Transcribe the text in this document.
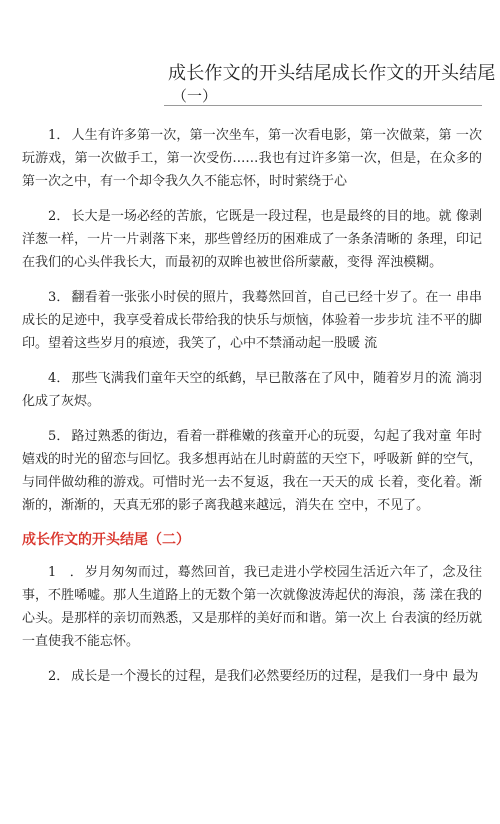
成长作文的开头结尾成长作文的开头结尾
（一）

1． 人生有许多第一次，第一次坐车，第一次看电影，第一次做菜，第 一次玩游戏，第一次做手工，第一次受伤……我也有过许多第一次，但是，在众多的第一次之中，有一个却令我久久不能忘怀，时时萦绕于心

2． 长大是一场必经的苦旅，它既是一段过程，也是最终的目的地。就 像剥洋葱一样，一片一片剥落下来，那些曾经历的困难成了一条条清晰的 条理，印记在我们的心头伴我长大，而最初的双眸也被世俗所蒙蔽，变得 浑浊模糊。

3． 翻看着一张张小时侯的照片，我蓦然回首，自己已经十岁了。在一 串串成长的足迹中，我享受着成长带给我的快乐与烦恼，体验着一步步坑 洼不平的脚印。望着这些岁月的痕迹，我笑了，心中不禁涌动起一股暖 流

4． 那些飞满我们童年天空的纸鹤，早已散落在了风中，随着岁月的流 淌羽化成了灰烬。

5． 路过熟悉的街边，看着一群稚嫩的孩童开心的玩耍，勾起了我对童 年时嬉戏的时光的留恋与回忆。我多想再站在儿时蔚蓝的天空下，呼吸新 鲜的空气，与同伴做幼稚的游戏。可惜时光一去不复返，我在一天天的成 长着，变化着。渐渐的，渐渐的，天真无邪的影子离我越来越远，消失在 空中，不见了。

成长作文的开头结尾（二）

1　． 岁月匆匆而过，蓦然回首，我已走进小学校园生活近六年了，念及往事，不胜唏嘘。那人生道路上的无数个第一次就像波涛起伏的海浪，荡 漾在我的心头。是那样的亲切而熟悉，又是那样的美好而和谐。第一次上 台表演的经历就一直使我不能忘怀。

2． 成长是一个漫长的过程，是我们必然要经历的过程，是我们一身中 最为
